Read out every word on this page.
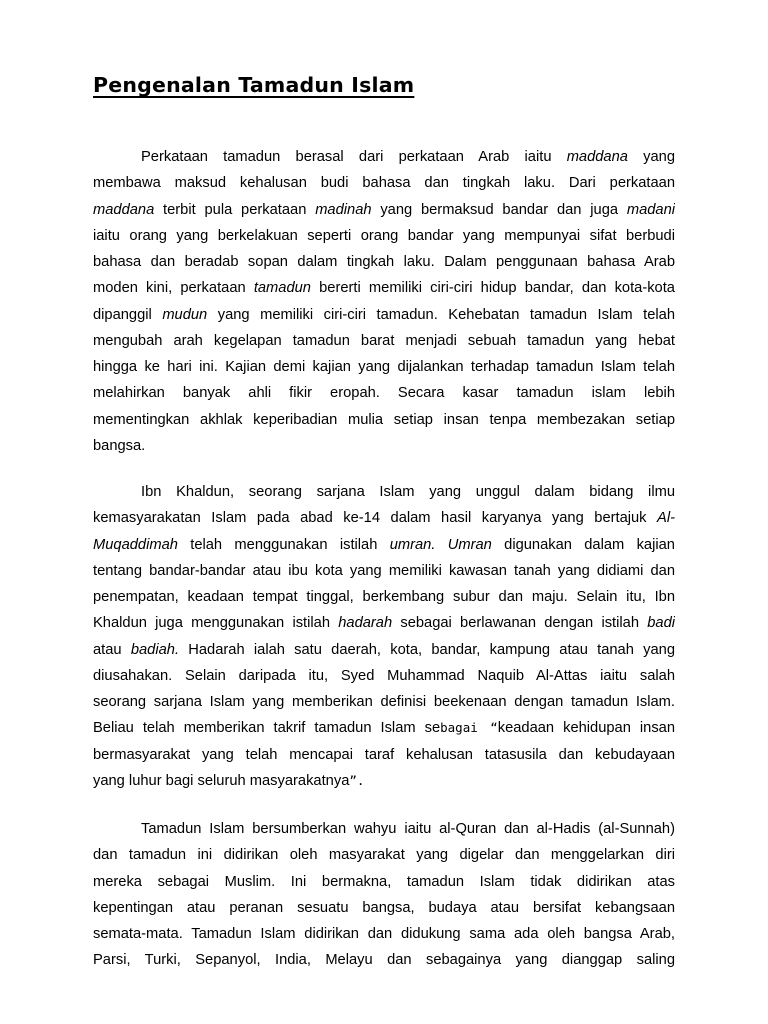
Pengenalan Tamadun Islam
Perkataan tamadun berasal dari perkataan Arab iaitu maddana yang
membawa maksud kehalusan budi bahasa dan tingkah laku. Dari perkataan
maddana terbit pula perkataan madinah yang bermaksud bandar dan juga madani
iaitu orang yang berkelakuan seperti orang bandar yang mempunyai sifat berbudi
bahasa dan beradab sopan dalam tingkah laku. Dalam penggunaan bahasa Arab
moden kini, perkataan tamadun bererti memiliki ciri-ciri hidup bandar, dan kota-kota
dipanggil mudun yang memiliki ciri-ciri tamadun. Kehebatan tamadun Islam telah
mengubah arah kegelapan tamadun barat menjadi sebuah tamadun yang hebat
hingga ke hari ini. Kajian demi kajian yang dijalankan terhadap tamadun Islam telah
melahirkan banyak ahli fikir eropah. Secara kasar tamadun islam lebih
mementingkan akhlak keperibadian mulia setiap insan tenpa membezakan setiap
bangsa.
Ibn Khaldun, seorang sarjana Islam yang unggul dalam bidang ilmu
kemasyarakatan Islam pada abad ke-14 dalam hasil karyanya yang bertajuk Al-
Muqaddimah telah menggunakan istilah umran. Umran digunakan dalam kajian
tentang bandar-bandar atau ibu kota yang memiliki kawasan tanah yang didiami dan
penempatan, keadaan tempat tinggal, berkembang subur dan maju. Selain itu, Ibn
Khaldun juga menggunakan istilah hadarah sebagai berlawanan dengan istilah badi
atau badiah. Hadarah ialah satu daerah, kota, bandar, kampung atau tanah yang
diusahakan. Selain daripada itu, Syed Muhammad Naquib Al-Attas iaitu salah
seorang sarjana Islam yang memberikan definisi beekenaan dengan tamadun Islam.
Beliau telah memberikan takrif tamadun Islam sebagai “keadaan kehidupan insan
bermasyarakat yang telah mencapai taraf kehalusan tatasusila dan kebudayaan
yang luhur bagi seluruh masyarakatnya”.
Tamadun Islam bersumberkan wahyu iaitu al-Quran dan al-Hadis (al-Sunnah)
dan tamadun ini didirikan oleh masyarakat yang digelar dan menggelarkan diri
mereka sebagai Muslim. Ini bermakna, tamadun Islam tidak didirikan atas
kepentingan atau peranan sesuatu bangsa, budaya atau bersifat kebangsaan
semata-mata. Tamadun Islam didirikan dan didukung sama ada oleh bangsa Arab,
Parsi, Turki, Sepanyol, India, Melayu dan sebagainya yang dianggap saling
